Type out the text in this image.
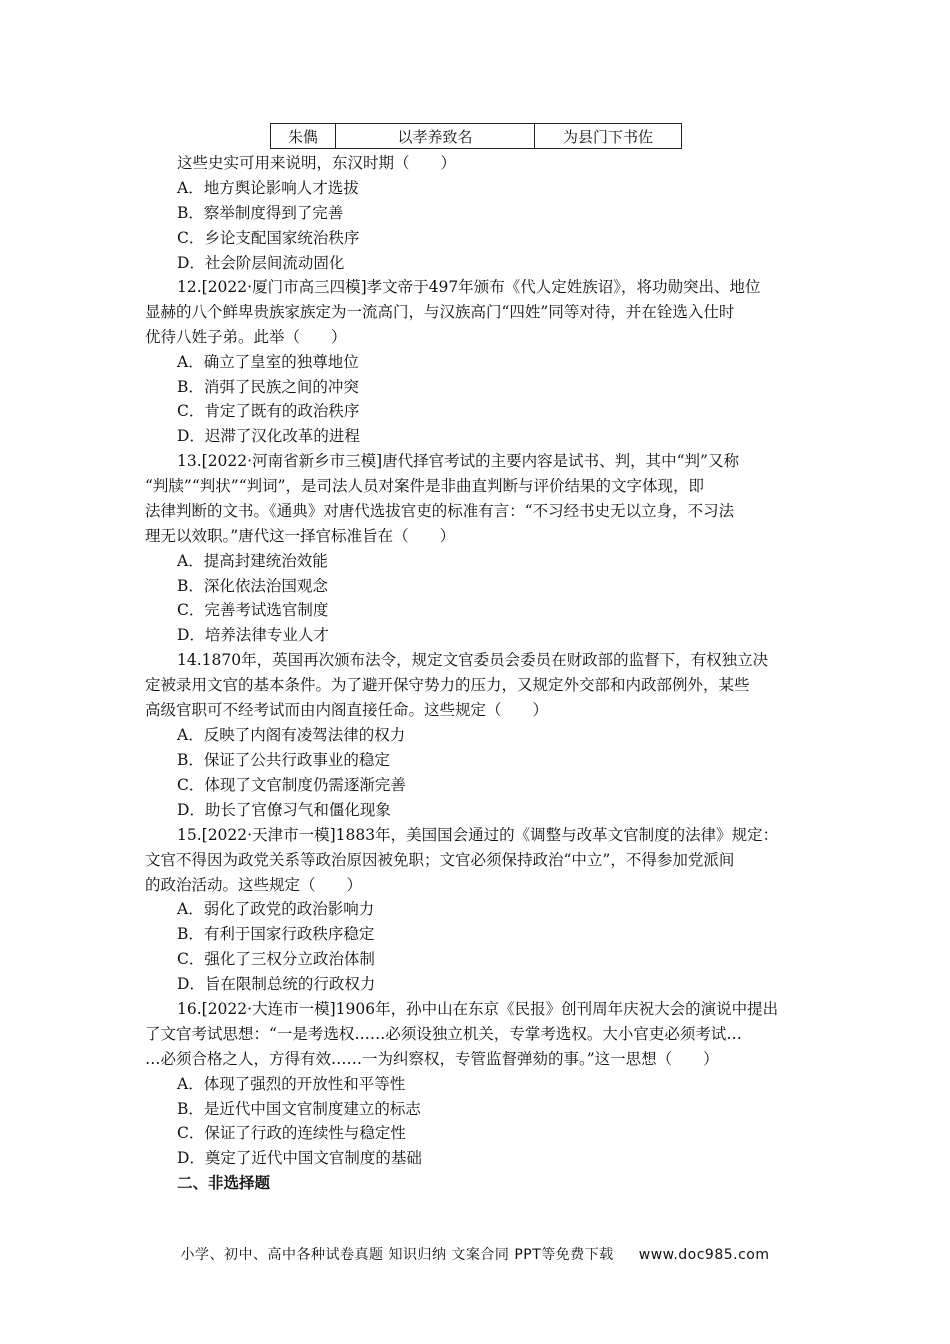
朱儁	以孝养致名	为县门下书佐
这些史实可用来说明，东汉时期（　　）
A．地方舆论影响人才选拔
B．察举制度得到了完善
C．乡论支配国家统治秩序
D．社会阶层间流动固化
12.[2022·厦门市高三四模]孝文帝于497年颁布《代人定姓族诏》，将功勋突出、地位
显赫的八个鲜卑贵族家族定为一流高门，与汉族高门“四姓”同等对待，并在铨选入仕时
优待八姓子弟。此举（　　）
A．确立了皇室的独尊地位
B．消弭了民族之间的冲突
C．肯定了既有的政治秩序
D．迟滞了汉化改革的进程
13.[2022·河南省新乡市三模]唐代择官考试的主要内容是试书、判，其中“判”又称
“判牍”“判状”“判词”，是司法人员对案件是非曲直判断与评价结果的文字体现，即
法律判断的文书。《通典》对唐代选拔官吏的标准有言：“不习经书史无以立身，不习法
理无以效职。”唐代这一择官标准旨在（　　）
A．提高封建统治效能
B．深化依法治国观念
C．完善考试选官制度
D．培养法律专业人才
14.1870年，英国再次颁布法令，规定文官委员会委员在财政部的监督下，有权独立决
定被录用文官的基本条件。为了避开保守势力的压力，又规定外交部和内政部例外，某些
高级官职可不经考试而由内阁直接任命。这些规定（　　）
A．反映了内阁有凌驾法律的权力
B．保证了公共行政事业的稳定
C．体现了文官制度仍需逐渐完善
D．助长了官僚习气和僵化现象
15.[2022·天津市一模]1883年，美国国会通过的《调整与改革文官制度的法律》规定：
文官不得因为政党关系等政治原因被免职；文官必须保持政治“中立”，不得参加党派间
的政治活动。这些规定（　　）
A．弱化了政党的政治影响力
B．有利于国家行政秩序稳定
C．强化了三权分立政治体制
D．旨在限制总统的行政权力
16.[2022·大连市一模]1906年，孙中山在东京《民报》创刊周年庆祝大会的演说中提出
了文官考试思想：“一是考选权……必须设独立机关，专掌考选权。大小官吏必须考试…
…必须合格之人，方得有效……一为纠察权，专管监督弹劾的事。”这一思想（　　）
A．体现了强烈的开放性和平等性
B．是近代中国文官制度建立的标志
C．保证了行政的连续性与稳定性
D．奠定了近代中国文官制度的基础
二、非选择题
小学、初中、高中各种试卷真题 知识归纳 文案合同 PPT等免费下载 www.doc985.com
